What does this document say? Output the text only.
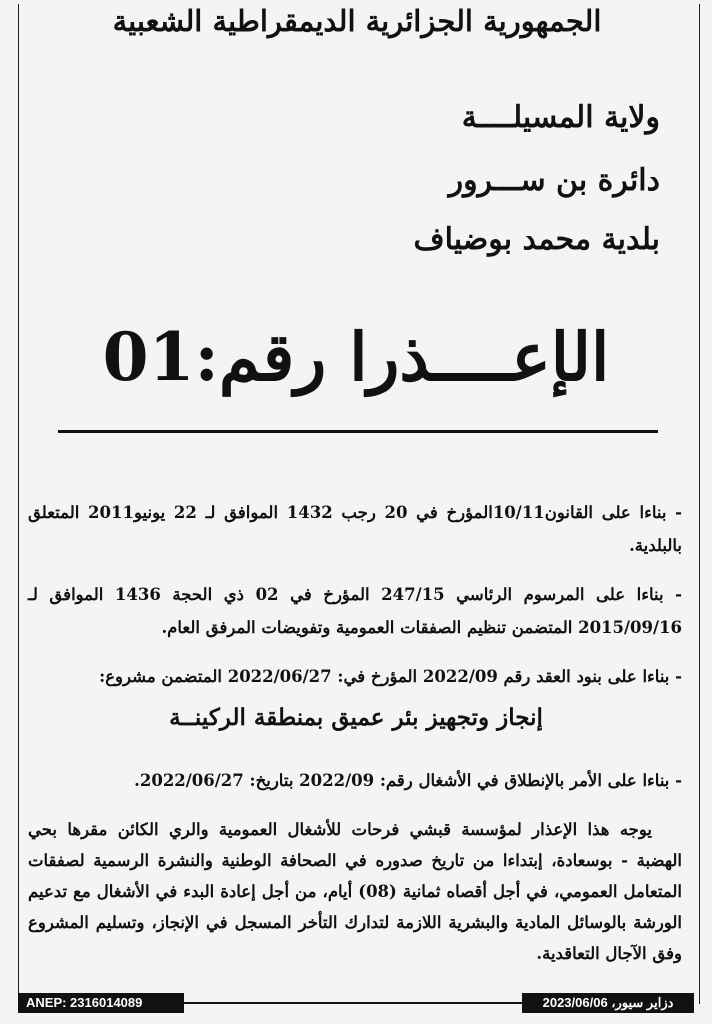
الجمهورية الجزائرية الديمقراطية الشعبية
ولاية المسيلــــة
دائرة بن ســـرور
بلدية محمد بوضياف
الإعــــذرا رقم:01
- بناءا على القانون10/11المؤرخ في 20 رجب 1432 الموافق لـ 22 يونيو2011 المتعلق بالبلدية.
- بناءا على المرسوم الرئاسي 247/15 المؤرخ في 02 ذي الحجة 1436 الموافق لـ 2015/09/16 المتضمن تنظيم الصفقات العمومية وتفويضات المرفق العام.
- بناءا على بنود العقد رقم 2022/09 المؤرخ في: 2022/06/27 المتضمن مشروع:
إنجاز وتجهيز بئر عميق بمنطقة الركينــة
- بناءا على الأمر بالإنطلاق في الأشغال رقم: 2022/09 بتاريخ: 2022/06/27.
يوجه هذا الإعذار لمؤسسة قبشي فرحات للأشغال العمومية والري الكائن مقرها بحي الهضبة - بوسعادة، إبتداءا من تاريخ صدوره في الصحافة الوطنية والنشرة الرسمية لصفقات المتعامل العمومي، في أجل أقصاه ثمانية (08) أيام، من أجل إعادة البدء في الأشغال مع تدعيم الورشة بالوسائل المادية والبشرية اللازمة لتدارك التأخر المسجل في الإنجاز، وتسليم المشروع وفق الآجال التعاقدية.
ANEP: 2316014089	دزاير سيور، 2023/06/06
